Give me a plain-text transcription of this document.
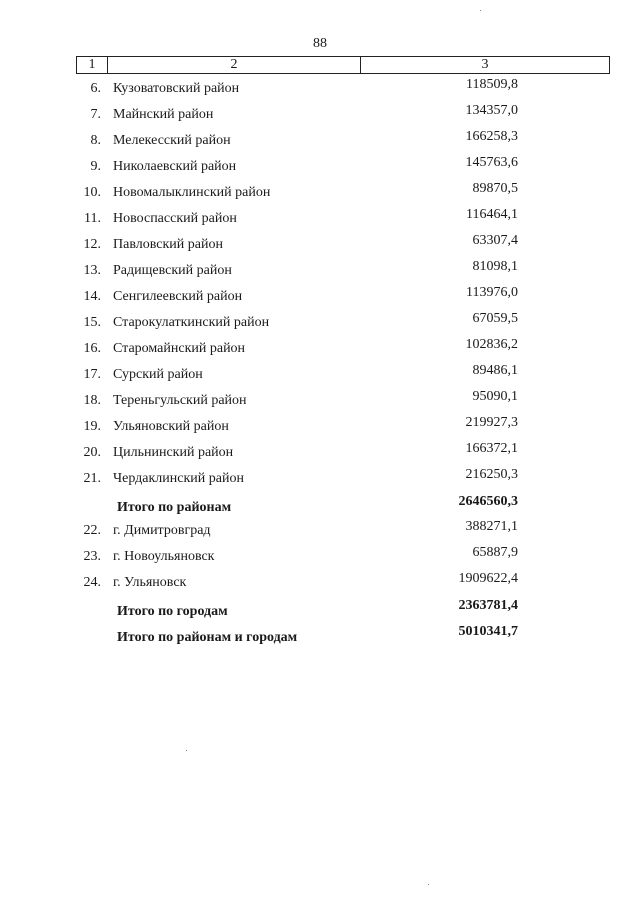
88
1	2	3
6. Кузоватовский район	118509,8
7. Майнский район	134357,0
8. Мелекесский район	166258,3
9. Николаевский район	145763,6
10. Новомалыклинский район	89870,5
11. Новоспасский район	116464,1
12. Павловский район	63307,4
13. Радищевский район	81098,1
14. Сенгилеевский район	113976,0
15. Старокулаткинский район	67059,5
16. Старомайнский район	102836,2
17. Сурский район	89486,1
18. Тереньгульский район	95090,1
19. Ульяновский район	219927,3
20. Цильнинский район	166372,1
21. Чердаклинский район	216250,3
Итого по районам	2646560,3
22. г. Димитровград	388271,1
23. г. Новоульяновск	65887,9
24. г. Ульяновск	1909622,4
Итого по городам	2363781,4
Итого по районам и городам	5010341,7
